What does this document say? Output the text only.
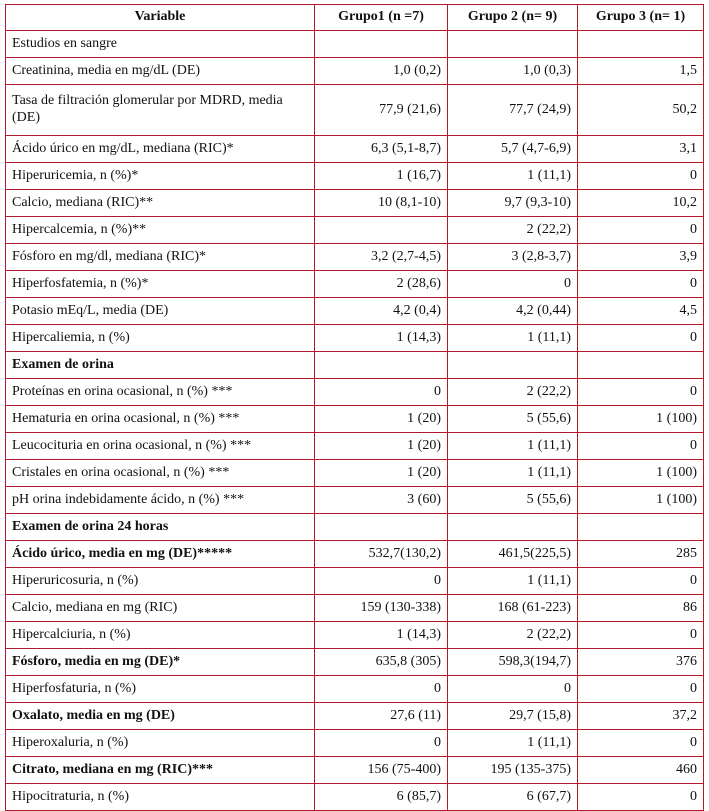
Variable	Grupo1 (n =7)	Grupo 2 (n= 9)	Grupo 3 (n= 1)
Estudios en sangre			
Creatinina, media en mg/dL (DE)	1,0 (0,2)	1,0 (0,3)	1,5
Tasa de filtración glomerular por MDRD, media (DE)	77,9 (21,6)	77,7 (24,9)	50,2
Ácido úrico en mg/dL, mediana (RIC)*	6,3 (5,1-8,7)	5,7 (4,7-6,9)	3,1
Hiperuricemia, n (%)*	1 (16,7)	1 (11,1)	0
Calcio, mediana (RIC)**	10 (8,1-10)	9,7 (9,3-10)	10,2
Hipercalcemia, n (%)**		2 (22,2)	0
Fósforo en mg/dl, mediana (RIC)*	3,2 (2,7-4,5)	3 (2,8-3,7)	3,9
Hiperfosfatemia, n (%)*	2 (28,6)	0	0
Potasio mEq/L, media (DE)	4,2 (0,4)	4,2 (0,44)	4,5
Hipercaliemia, n (%)	1 (14,3)	1 (11,1)	0
Examen de orina			
Proteínas en orina ocasional, n (%) ***	0	2 (22,2)	0
Hematuria en orina ocasional, n (%) ***	1 (20)	5 (55,6)	1 (100)
Leucocituria en orina ocasional, n (%) ***	1 (20)	1 (11,1)	0
Cristales en orina ocasional, n (%) ***	1 (20)	1 (11,1)	1 (100)
pH orina indebidamente ácido, n (%) ***	3 (60)	5 (55,6)	1 (100)
Examen de orina 24 horas			
Ácido úrico, media en mg (DE)*****	532,7(130,2)	461,5(225,5)	285
Hiperuricosuria, n (%)	0	1 (11,1)	0
Calcio, mediana en mg (RIC)	159 (130-338)	168 (61-223)	86
Hipercalciuria, n (%)	1 (14,3)	2 (22,2)	0
Fósforo, media en mg (DE)*	635,8 (305)	598,3(194,7)	376
Hiperfosfaturia, n (%)	0	0	0
Oxalato, media en mg (DE)	27,6 (11)	29,7 (15,8)	37,2
Hiperoxaluria, n (%)	0	1 (11,1)	0
Citrato, mediana en mg (RIC)***	156 (75-400)	195 (135-375)	460
Hipocitraturia, n (%)	6 (85,7)	6 (67,7)	0
